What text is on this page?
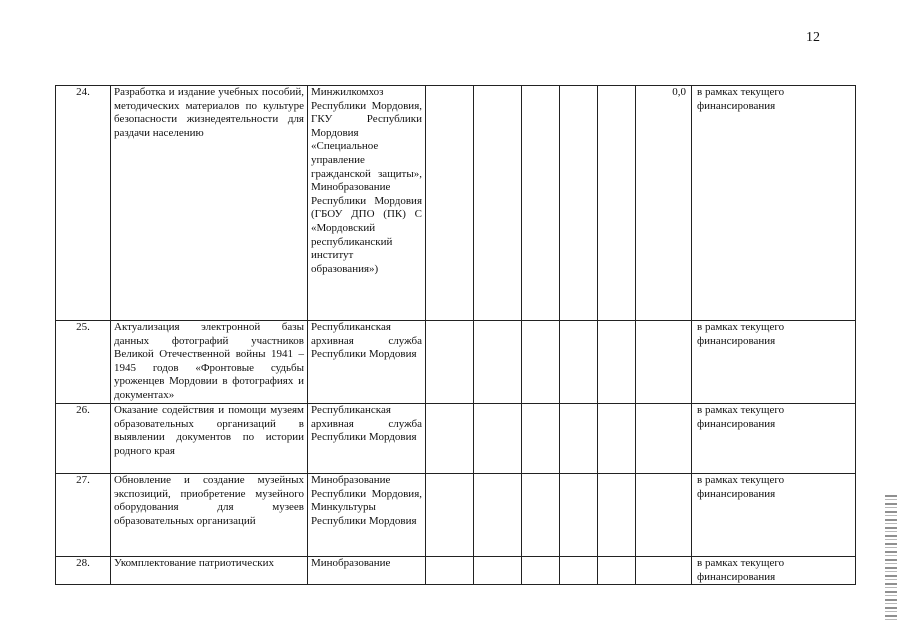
12
24.	Разработка и издание учебных пособий, методических материалов по культуре безопасности жизнедеятельности для раздачи населению	Минжилкомхоз Республики Мордовия, ГКУ Республики Мордовия «Специальное управление гражданской защиты», Минобразование Республики Мордовия (ГБОУ ДПО (ПК) С «Мордовский республиканский институт образования»)						0,0	в рамках текущего финансирования
25.	Актуализация электронной базы данных фотографий участников Великой Отечественной войны 1941 – 1945 годов «Фронтовые судьбы уроженцев Мордовии в фотографиях и документах»	Республиканская архивная служба Республики Мордовия							в рамках текущего финансирования
26.	Оказание содействия и помощи музеям образовательных организаций в выявлении документов по истории родного края	Республиканская архивная служба Республики Мордовия							в рамках текущего финансирования
27.	Обновление и создание музейных экспозиций, приобретение музейного оборудования для музеев образовательных организаций	Минобразование Республики Мордовия, Минкультуры Республики Мордовия							в рамках текущего финансирования
28.	Укомплектование патриотических	Минобразование							в рамках текущего финансирования
